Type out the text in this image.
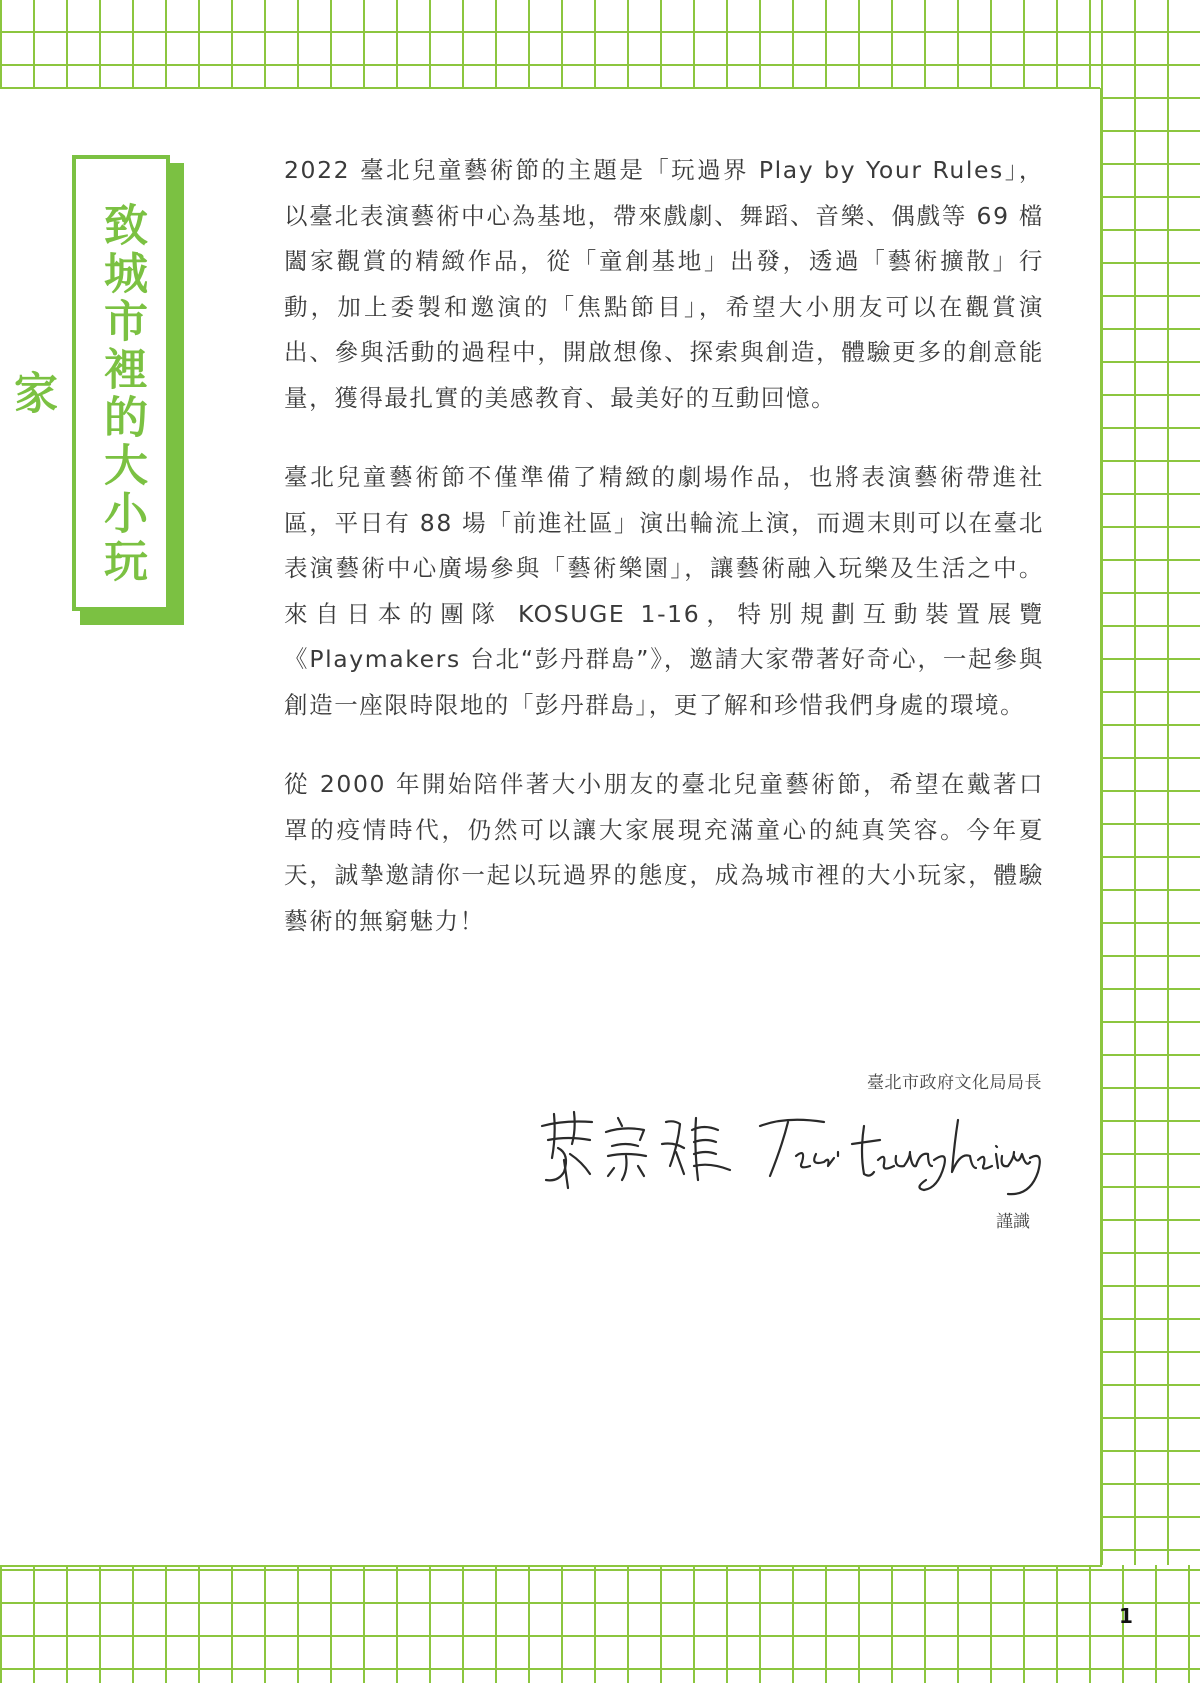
致城市裡的大小玩家

2022 臺北兒童藝術節的主題是「玩過界 Play by Your Rules」，以臺北表演藝術中心為基地，帶來戲劇、舞蹈、音樂、偶戲等 69 檔闔家觀賞的精緻作品，從「童創基地」出發，透過「藝術擴散」行動，加上委製和邀演的「焦點節目」，希望大小朋友可以在觀賞演出、參與活動的過程中，開啟想像、探索與創造，體驗更多的創意能量，獲得最扎實的美感教育、最美好的互動回憶。

臺北兒童藝術節不僅準備了精緻的劇場作品，也將表演藝術帶進社區，平日有 88 場「前進社區」演出輪流上演，而週末則可以在臺北表演藝術中心廣場參與「藝術樂園」，讓藝術融入玩樂及生活之中。來自日本的團隊 KOSUGE 1-16，特別規劃互動裝置展覽《Playmakers 台北“彭丹群島”》，邀請大家帶著好奇心，一起參與創造一座限時限地的「彭丹群島」，更了解和珍惜我們身處的環境。

從 2000 年開始陪伴著大小朋友的臺北兒童藝術節，希望在戴著口罩的疫情時代，仍然可以讓大家展現充滿童心的純真笑容。今年夏天，誠摯邀請你一起以玩過界的態度，成為城市裡的大小玩家，體驗藝術的無窮魅力！

臺北市政府文化局局長
謹識
1
